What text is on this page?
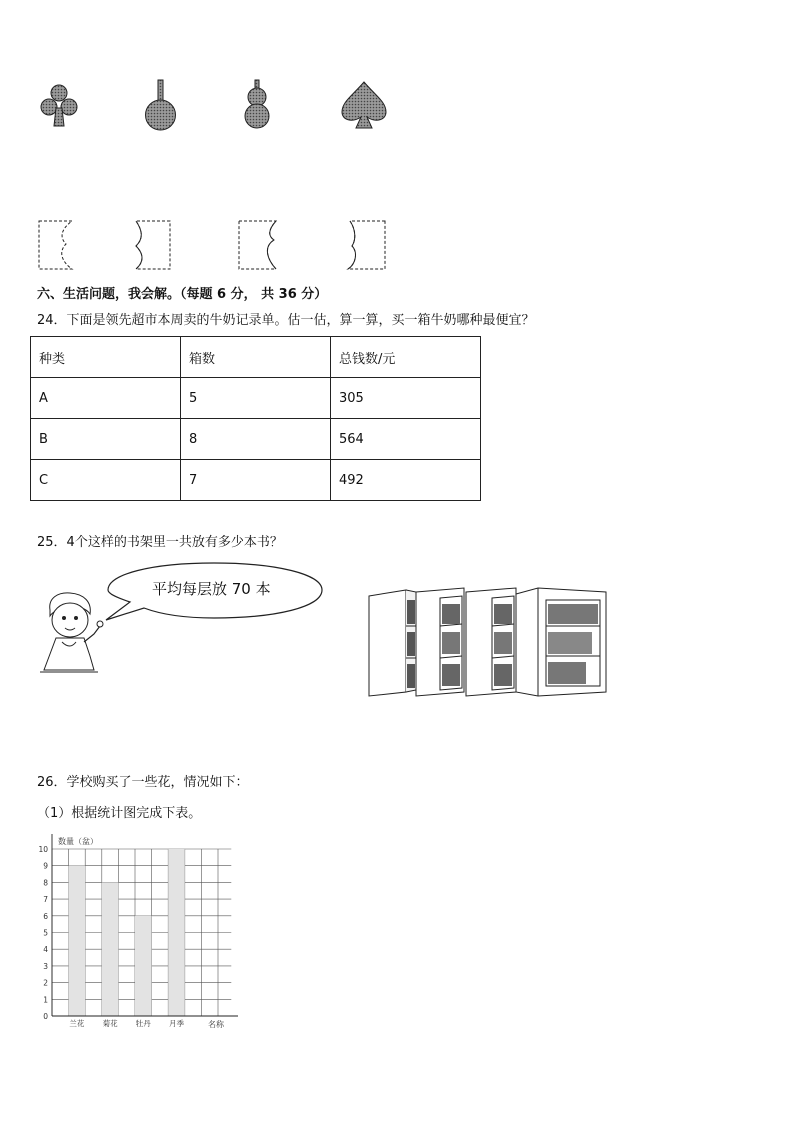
六、生活问题，我会解。（每题 6 分， 共 36 分）
24．下面是领先超市本周卖的牛奶记录单。估一估，算一算，买一箱牛奶哪种最便宜？
种类	箱数	总钱数/元
A	5	305
B	8	564
C	7	492
25．4个这样的书架里一共放有多少本书？
平均每层放 70 本
26．学校购买了一些花，情况如下：
（1）根据统计图完成下表。
数量（盆）
兰花 菊花 牡丹 月季
0
1
2
3
4
5
6
7
8
9
10
名称
